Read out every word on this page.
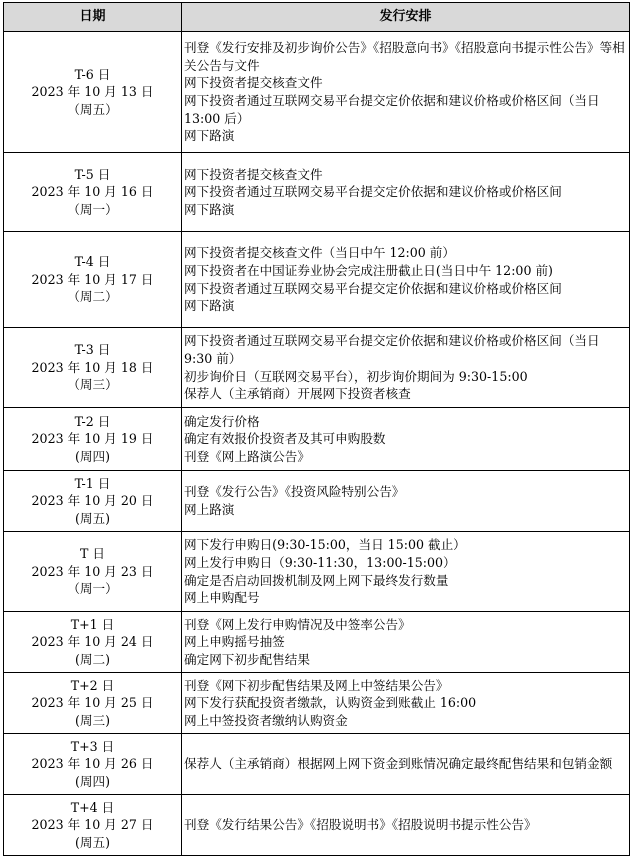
日期	发行安排

T-6 日
2023 年 10 月 13 日
（周五）	刊登《发行安排及初步询价公告》《招股意向书》《招股意向书提示性公告》等相关公告与文件
网下投资者提交核查文件
网下投资者通过互联网交易平台提交定价依据和建议价格或价格区间（当日 13:00 后）
网下路演

T-5 日
2023 年 10 月 16 日
（周一）	网下投资者提交核查文件
网下投资者通过互联网交易平台提交定价依据和建议价格或价格区间
网下路演

T-4 日
2023 年 10 月 17 日
（周二）	网下投资者提交核查文件（当日中午 12:00 前）
网下投资者在中国证券业协会完成注册截止日(当日中午 12:00 前)
网下投资者通过互联网交易平台提交定价依据和建议价格或价格区间
网下路演

T-3 日
2023 年 10 月 18 日
（周三）	网下投资者通过互联网交易平台提交定价依据和建议价格或价格区间（当日 9:30 前）
初步询价日（互联网交易平台），初步询价期间为 9:30-15:00
保荐人（主承销商）开展网下投资者核查

T-2 日
2023 年 10 月 19 日
(周四)	确定发行价格
确定有效报价投资者及其可申购股数
刊登《网上路演公告》

T-1 日
2023 年 10 月 20 日
(周五)	刊登《发行公告》《投资风险特别公告》
网上路演

T 日
2023 年 10 月 23 日
（周一）	网下发行申购日(9:30-15:00，当日 15:00 截止）
网上发行申购日（9:30-11:30，13:00-15:00）
确定是否启动回拨机制及网上网下最终发行数量
网上申购配号

T+1 日
2023 年 10 月 24 日
(周二)	刊登《网上发行申购情况及中签率公告》
网上申购摇号抽签
确定网下初步配售结果

T+2 日
2023 年 10 月 25 日
(周三)	刊登《网下初步配售结果及网上中签结果公告》
网下发行获配投资者缴款，认购资金到账截止 16:00
网上中签投资者缴纳认购资金

T+3 日
2023 年 10 月 26 日
(周四)	保荐人（主承销商）根据网上网下资金到账情况确定最终配售结果和包销金额

T+4 日
2023 年 10 月 27 日
(周五)	刊登《发行结果公告》《招股说明书》《招股说明书提示性公告》
